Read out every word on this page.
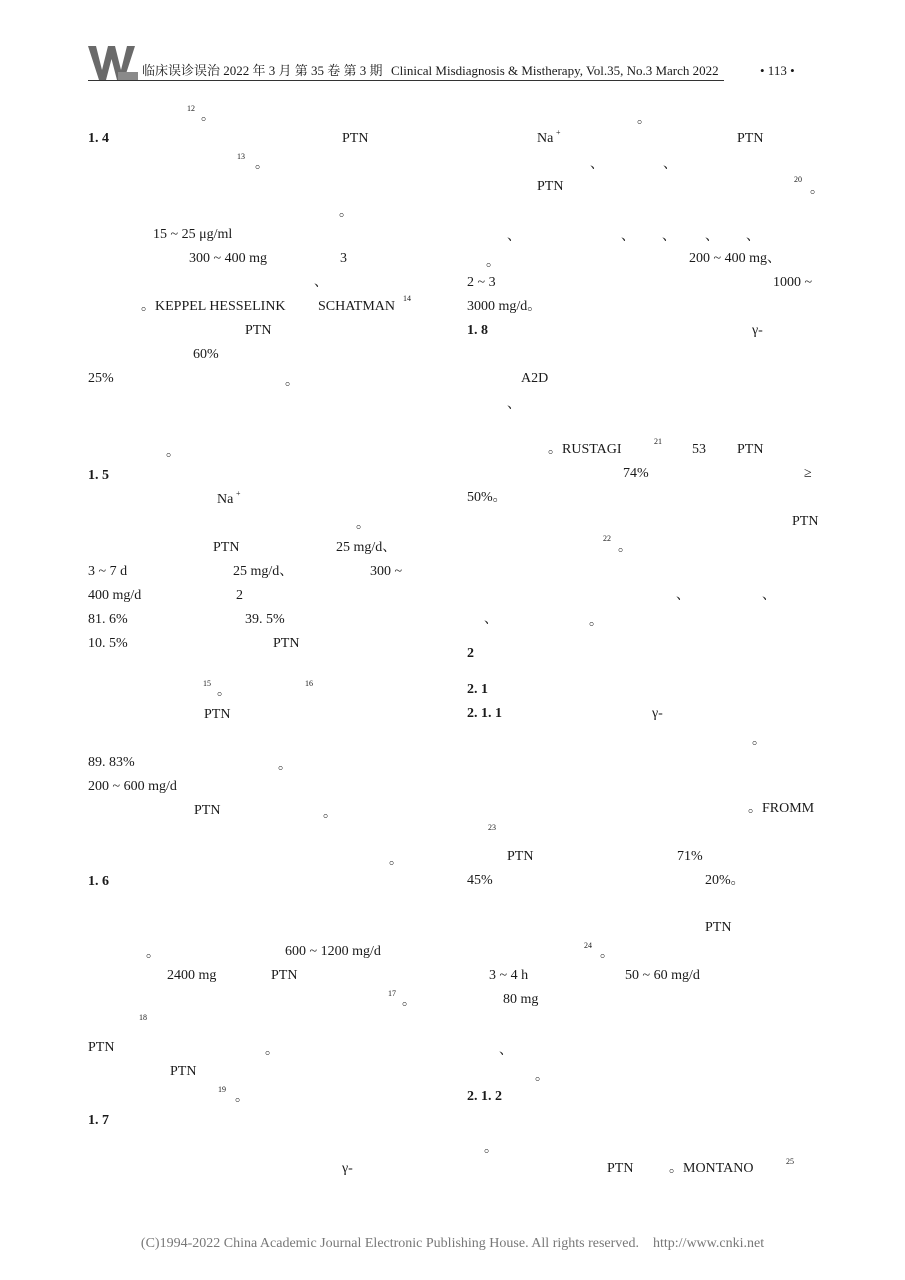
临床误诊误治 2022 年 3 月 第 35 卷 第 3 期 Clinical Misdiagnosis & Mistherapy, Vol.35, No.3 March 2022	• 113 •
12
。
1. 4	PTN
13
。
。
15 ~ 25 μg/ml
300 ~ 400 mg	3
、
。KEPPEL HESSELINK SCHATMAN
14
PTN
60%
25%	。
。
1. 5
Na +
。
PTN	25 mg/d、
3 ~ 7 d	25 mg/d、	300 ~
400 mg/d	2
81. 6%	39. 5%
10. 5%	PTN
15
。
16
PTN
89. 83%	。
200 ~ 600 mg/d
PTN	。
。
1. 6
。	600 ~ 1200 mg/d
2400 mg	PTN
17
。
18
PTN	。
PTN
19
。
1. 7
γ-
。
Na +	PTN
、	、
PTN	20
。
、	、 、 、 、
。	200 ~ 400 mg、
2 ~ 3	1000 ~
3000 mg/d。
1. 8	γ-
A2D
、
。RUSTAGI
21
53 PTN
74%	≥
50%。
PTN
22
。
、	、
、	。
2
2. 1
2. 1. 1	γ-
。
。FROMM
23
PTN	71%
45%	20%。
PTN
24
。
3 ~ 4 h	50 ~ 60 mg/d
80 mg
、
。
2. 1. 2
。
PTN	。MONTANO	25
(C)1994-2022 China Academic Journal Electronic Publishing House. All rights reserved. http://www.cnki.net
